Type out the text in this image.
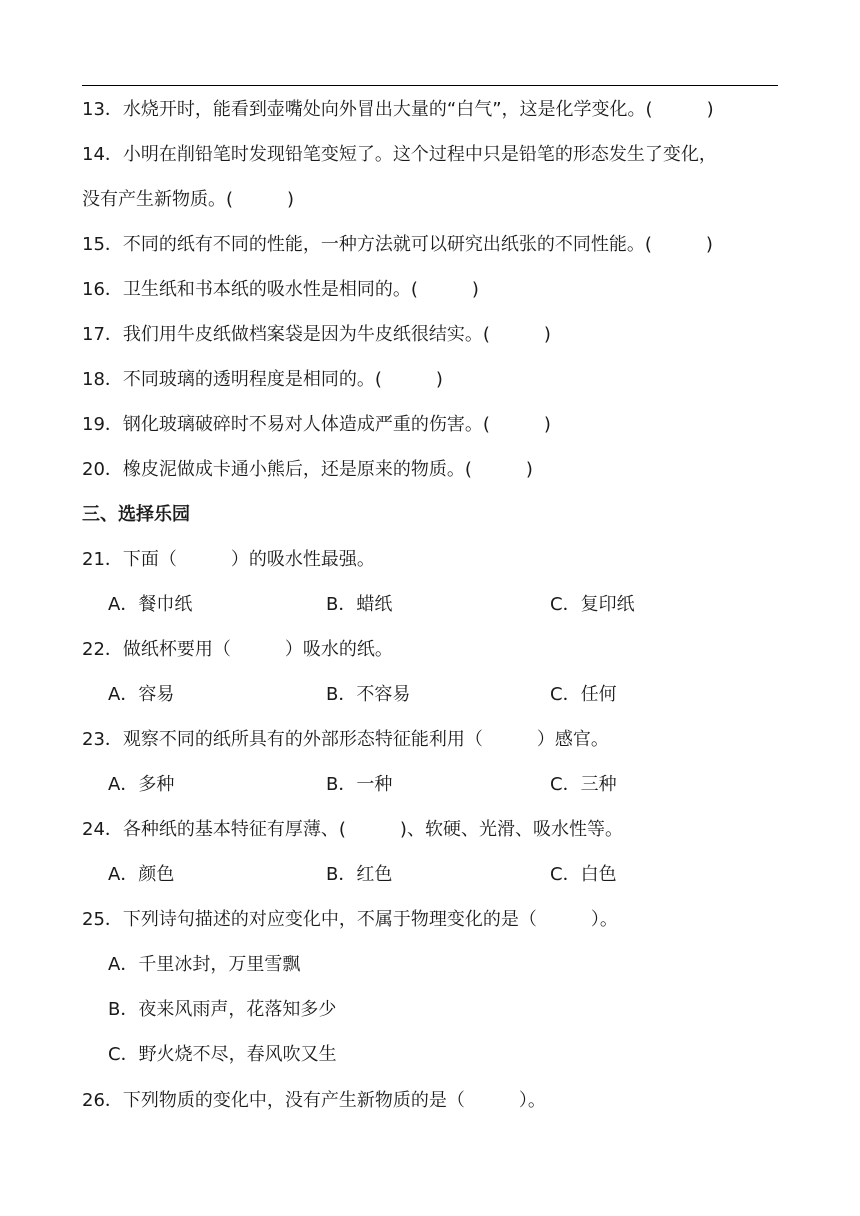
13．水烧开时，能看到壶嘴处向外冒出大量的“白气”，这是化学变化。(　　　)
14．小明在削铅笔时发现铅笔变短了。这个过程中只是铅笔的形态发生了变化，
没有产生新物质。(　　　)
15．不同的纸有不同的性能，一种方法就可以研究出纸张的不同性能。(　　　)
16．卫生纸和书本纸的吸水性是相同的。(　　　)
17．我们用牛皮纸做档案袋是因为牛皮纸很结实。(　　　)
18．不同玻璃的透明程度是相同的。(　　　)
19．钢化玻璃破碎时不易对人体造成严重的伤害。(　　　)
20．橡皮泥做成卡通小熊后，还是原来的物质。(　　　)
三、选择乐园
21．下面（　　　）的吸水性最强。
A．餐巾纸	B．蜡纸	C．复印纸
22．做纸杯要用（　　　）吸水的纸。
A．容易	B．不容易	C．任何
23．观察不同的纸所具有的外部形态特征能利用（　　　）感官。
A．多种	B．一种	C．三种
24．各种纸的基本特征有厚薄、(　　　)、软硬、光滑、吸水性等。
A．颜色	B．红色	C．白色
25．下列诗句描述的对应变化中，不属于物理变化的是（　　　）。
A．千里冰封，万里雪飘
B．夜来风雨声，花落知多少
C．野火烧不尽，春风吹又生
26．下列物质的变化中，没有产生新物质的是（　　　）。
